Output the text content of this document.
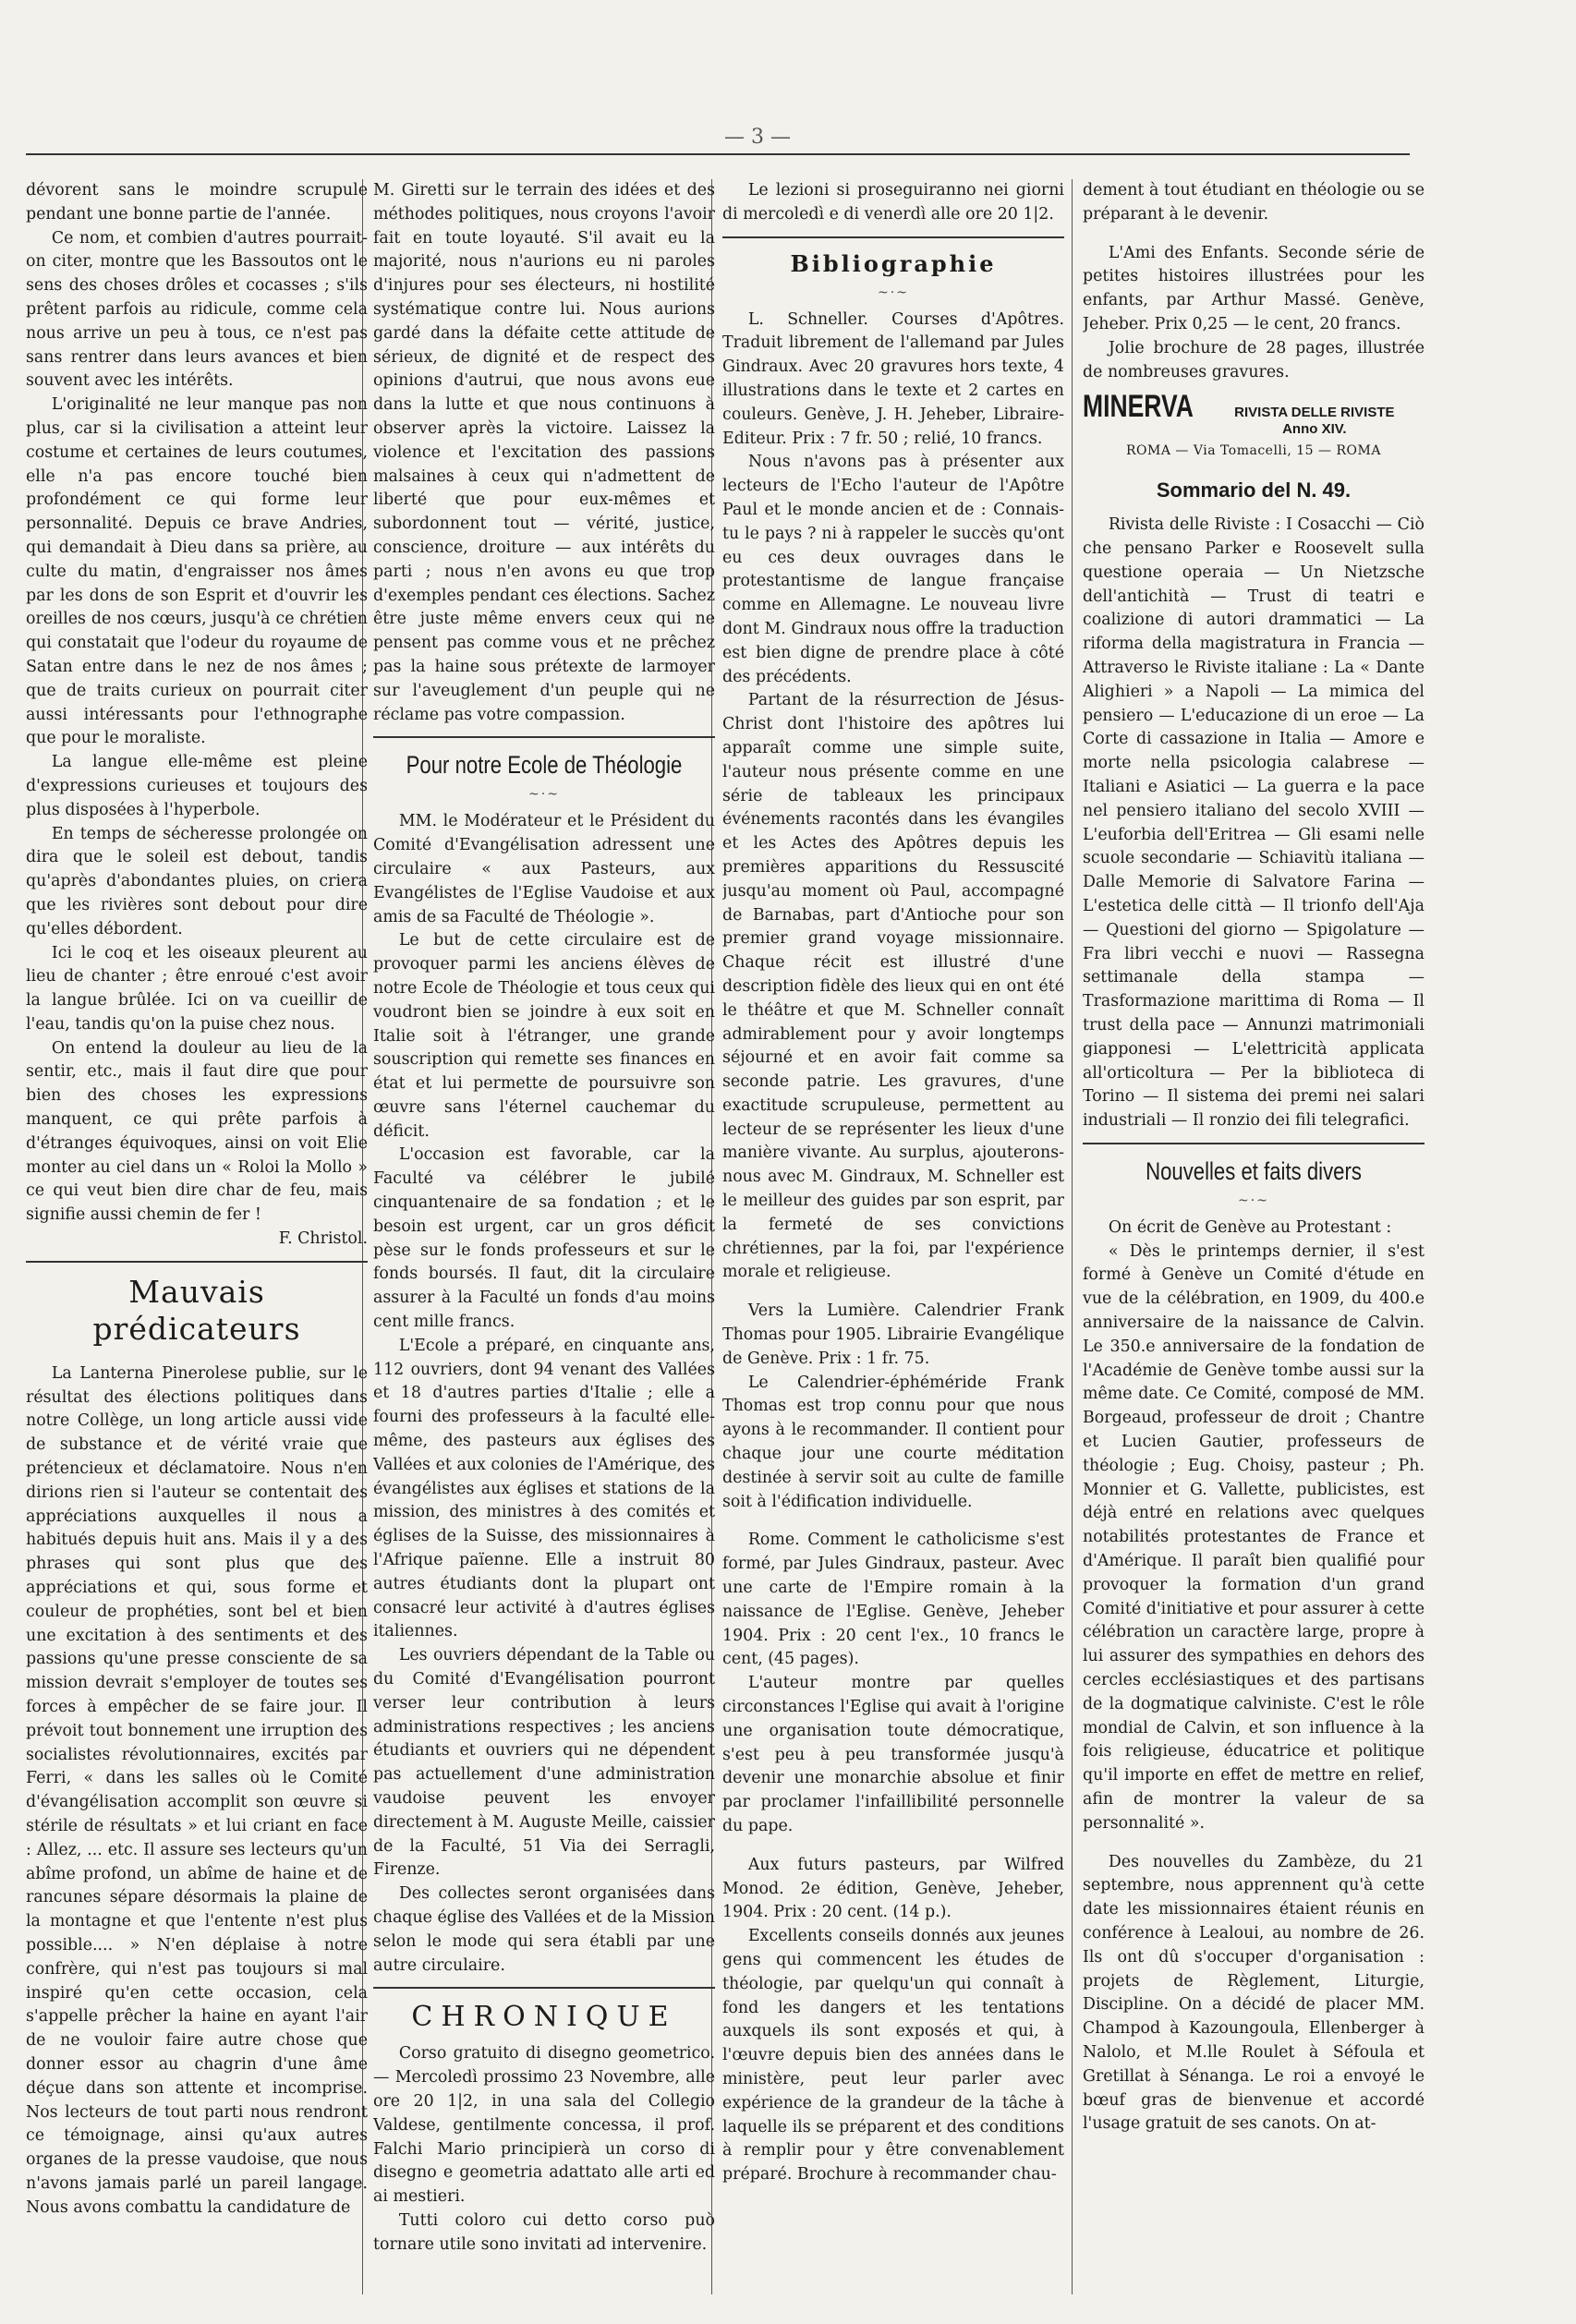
— 3 —

dévorent sans le moindre scrupule pendant une bonne partie de l'année.

Ce nom, et combien d'autres pourrait-on citer, montre que les Bassoutos ont le sens des choses drôles et cocasses ; s'ils prêtent parfois au ridicule, comme cela nous arrive un peu à tous, ce n'est pas sans rentrer dans leurs avances et bien souvent avec les intérêts.

L'originalité ne leur manque pas non plus, car si la civilisation a atteint leur costume et certaines de leurs coutumes, elle n'a pas encore touché bien profondément ce qui forme leur personnalité. Depuis ce brave Andries, qui demandait à Dieu dans sa prière, au culte du matin, d'engraisser nos âmes par les dons de son Esprit et d'ouvrir les oreilles de nos cœurs, jusqu'à ce chrétien qui constatait que l'odeur du royaume de Satan entre dans le nez de nos âmes ; que de traits curieux on pourrait citer aussi intéressants pour l'ethnographe que pour le moraliste.

La langue elle-même est pleine d'expressions curieuses et toujours des plus disposées à l'hyperbole.

En temps de sécheresse prolongée on dira que le soleil est debout, tandis qu'après d'abondantes pluies, on criera que les rivières sont debout pour dire qu'elles débordent.

Ici le coq et les oiseaux pleurent au lieu de chanter ; être enroué c'est avoir la langue brûlée. Ici on va cueillir de l'eau, tandis qu'on la puise chez nous.

On entend la douleur au lieu de la sentir, etc., mais il faut dire que pour bien des choses les expressions manquent, ce qui prête parfois à d'étranges équivoques, ainsi on voit Elie monter au ciel dans un « Roloi la Mollo » ce qui veut bien dire char de feu, mais signifie aussi chemin de fer !

F. Christol.

Mauvais prédicateurs

La Lanterna Pinerolese publie, sur le résultat des élections politiques dans notre Collège, un long article aussi vide de substance et de vérité vraie que prétencieux et déclamatoire. Nous n'en dirions rien si l'auteur se contentait des appréciations auxquelles il nous a habitués depuis huit ans. Mais il y a des phrases qui sont plus que des appréciations et qui, sous forme et couleur de prophéties, sont bel et bien une excitation à des sentiments et des passions qu'une presse consciente de sa mission devrait s'employer de toutes ses forces à empêcher de se faire jour. Il prévoit tout bonnement une irruption des socialistes révolutionnaires, excités par Ferri, « dans les salles où le Comité d'évangélisation accomplit son œuvre si stérile de résultats » et lui criant en face : Allez, ... etc. Il assure ses lecteurs qu'un abîme profond, un abîme de haine et de rancunes sépare désormais la plaine de la montagne et que l'entente n'est plus possible.... » N'en déplaise à notre confrère, qui n'est pas toujours si mal inspiré qu'en cette occasion, cela s'appelle prêcher la haine en ayant l'air de ne vouloir faire autre chose que donner essor au chagrin d'une âme déçue dans son attente et incomprise. Nos lecteurs de tout parti nous rendront ce témoignage, ainsi qu'aux autres organes de la presse vaudoise, que nous n'avons jamais parlé un pareil langage. Nous avons combattu la candidature de

M. Giretti sur le terrain des idées et des méthodes politiques, nous croyons l'avoir fait en toute loyauté. S'il avait eu la majorité, nous n'aurions eu ni paroles d'injures pour ses électeurs, ni hostilité systématique contre lui. Nous aurions gardé dans la défaite cette attitude de sérieux, de dignité et de respect des opinions d'autrui, que nous avons eue dans la lutte et que nous continuons à observer après la victoire. Laissez la violence et l'excitation des passions malsaines à ceux qui n'admettent de liberté que pour eux-mêmes et subordonnent tout — vérité, justice, conscience, droiture — aux intérêts du parti ; nous n'en avons eu que trop d'exemples pendant ces élections. Sachez être juste même envers ceux qui ne pensent pas comme vous et ne prêchez pas la haine sous prétexte de larmoyer sur l'aveuglement d'un peuple qui ne réclame pas votre compassion.

Pour notre Ecole de Théologie
~·~

MM. le Modérateur et le Président du Comité d'Evangélisation adressent une circulaire « aux Pasteurs, aux Evangélistes de l'Eglise Vaudoise et aux amis de sa Faculté de Théologie ».

Le but de cette circulaire est de provoquer parmi les anciens élèves de notre Ecole de Théologie et tous ceux qui voudront bien se joindre à eux soit en Italie soit à l'étranger, une grande souscription qui remette ses finances en état et lui permette de poursuivre son œuvre sans l'éternel cauchemar du déficit.

L'occasion est favorable, car la Faculté va célébrer le jubilé cinquantenaire de sa fondation ; et le besoin est urgent, car un gros déficit pèse sur le fonds professeurs et sur le fonds boursés. Il faut, dit la circulaire assurer à la Faculté un fonds d'au moins cent mille francs.

L'Ecole a préparé, en cinquante ans, 112 ouvriers, dont 94 venant des Vallées et 18 d'autres parties d'Italie ; elle a fourni des professeurs à la faculté elle-même, des pasteurs aux églises des Vallées et aux colonies de l'Amérique, des évangélistes aux églises et stations de la mission, des ministres à des comités et églises de la Suisse, des missionnaires à l'Afrique païenne. Elle a instruit 80 autres étudiants dont la plupart ont consacré leur activité à d'autres églises italiennes.

Les ouvriers dépendant de la Table ou du Comité d'Evangélisation pourront verser leur contribution à leurs administrations respectives ; les anciens étudiants et ouvriers qui ne dépendent pas actuellement d'une administration vaudoise peuvent les envoyer directement à M. Auguste Meille, caissier de la Faculté, 51 Via dei Serragli, Firenze.

Des collectes seront organisées dans chaque église des Vallées et de la Mission selon le mode qui sera établi par une autre circulaire.

CHRONIQUE

Corso gratuito di disegno geometrico. — Mercoledì prossimo 23 Novembre, alle ore 20 1|2, in una sala del Collegio Valdese, gentilmente concessa, il prof. Falchi Mario principierà un corso di disegno e geometria adattato alle arti ed ai mestieri.

Tutti coloro cui detto corso può tornare utile sono invitati ad intervenire.

Le lezioni si proseguiranno nei giorni di mercoledì e di venerdì alle ore 20 1|2.

Bibliographie
~·~

L. Schneller. Courses d'Apôtres. Traduit librement de l'allemand par Jules Gindraux. Avec 20 gravures hors texte, 4 illustrations dans le texte et 2 cartes en couleurs. Genève, J. H. Jeheber, Libraire-Editeur. Prix : 7 fr. 50 ; relié, 10 francs.

Nous n'avons pas à présenter aux lecteurs de l'Echo l'auteur de l'Apôtre Paul et le monde ancien et de : Connais-tu le pays ? ni à rappeler le succès qu'ont eu ces deux ouvrages dans le protestantisme de langue française comme en Allemagne. Le nouveau livre dont M. Gindraux nous offre la traduction est bien digne de prendre place à côté des précédents.

Partant de la résurrection de Jésus-Christ dont l'histoire des apôtres lui apparaît comme une simple suite, l'auteur nous présente comme en une série de tableaux les principaux événements racontés dans les évangiles et les Actes des Apôtres depuis les premières apparitions du Ressuscité jusqu'au moment où Paul, accompagné de Barnabas, part d'Antioche pour son premier grand voyage missionnaire. Chaque récit est illustré d'une description fidèle des lieux qui en ont été le théâtre et que M. Schneller connaît admirablement pour y avoir longtemps séjourné et en avoir fait comme sa seconde patrie. Les gravures, d'une exactitude scrupuleuse, permettent au lecteur de se représenter les lieux d'une manière vivante. Au surplus, ajouterons-nous avec M. Gindraux, M. Schneller est le meilleur des guides par son esprit, par la fermeté de ses convictions chrétiennes, par la foi, par l'expérience morale et religieuse.

Vers la Lumière. Calendrier Frank Thomas pour 1905. Librairie Evangélique de Genève. Prix : 1 fr. 75.

Le Calendrier-éphéméride Frank Thomas est trop connu pour que nous ayons à le recommander. Il contient pour chaque jour une courte méditation destinée à servir soit au culte de famille soit à l'édification individuelle.

Rome. Comment le catholicisme s'est formé, par Jules Gindraux, pasteur. Avec une carte de l'Empire romain à la naissance de l'Eglise. Genève, Jeheber 1904. Prix : 20 cent l'ex., 10 francs le cent, (45 pages).

L'auteur montre par quelles circonstances l'Eglise qui avait à l'origine une organisation toute démocratique, s'est peu à peu transformée jusqu'à devenir une monarchie absolue et finir par proclamer l'infaillibilité personnelle du pape.

Aux futurs pasteurs, par Wilfred Monod. 2e édition, Genève, Jeheber, 1904. Prix : 20 cent. (14 p.).

Excellents conseils donnés aux jeunes gens qui commencent les études de théologie, par quelqu'un qui connaît à fond les dangers et les tentations auxquels ils sont exposés et qui, à l'œuvre depuis bien des années dans le ministère, peut leur parler avec expérience de la grandeur de la tâche à laquelle ils se préparent et des conditions à remplir pour y être convenablement préparé. Brochure à recommander chau-

dement à tout étudiant en théologie ou se préparant à le devenir.

L'Ami des Enfants. Seconde série de petites histoires illustrées pour les enfants, par Arthur Massé. Genève, Jeheber. Prix 0,25 — le cent, 20 francs.

Jolie brochure de 28 pages, illustrée de nombreuses gravures.

MINERVA	RIVISTA DELLE RIVISTE
Anno XIV.
ROMA — Via Tomacelli, 15 — ROMA
Sommario del N. 49.

Rivista delle Riviste : I Cosacchi — Ciò che pensano Parker e Roosevelt sulla questione operaia — Un Nietzsche dell'antichità — Trust di teatri e coalizione di autori drammatici — La riforma della magistratura in Francia — Attraverso le Riviste italiane : La « Dante Alighieri » a Napoli — La mimica del pensiero — L'educazione di un eroe — La Corte di cassazione in Italia — Amore e morte nella psicologia calabrese — Italiani e Asiatici — La guerra e la pace nel pensiero italiano del secolo XVIII — L'euforbia dell'Eritrea — Gli esami nelle scuole secondarie — Schiavitù italiana — Dalle Memorie di Salvatore Farina — L'estetica delle città — Il trionfo dell'Aja — Questioni del giorno — Spigolature — Fra libri vecchi e nuovi — Rassegna settimanale della stampa — Trasformazione marittima di Roma — Il trust della pace — Annunzi matrimoniali giapponesi — L'elettricità applicata all'orticoltura — Per la biblioteca di Torino — Il sistema dei premi nei salari industriali — Il ronzio dei fili telegrafici.

Nouvelles et faits divers
~·~

On écrit de Genève au Protestant :

« Dès le printemps dernier, il s'est formé à Genève un Comité d'étude en vue de la célébration, en 1909, du 400.e anniversaire de la naissance de Calvin. Le 350.e anniversaire de la fondation de l'Académie de Genève tombe aussi sur la même date. Ce Comité, composé de MM. Borgeaud, professeur de droit ; Chantre et Lucien Gautier, professeurs de théologie ; Eug. Choisy, pasteur ; Ph. Monnier et G. Vallette, publicistes, est déjà entré en relations avec quelques notabilités protestantes de France et d'Amérique. Il paraît bien qualifié pour provoquer la formation d'un grand Comité d'initiative et pour assurer à cette célébration un caractère large, propre à lui assurer des sympathies en dehors des cercles ecclésiastiques et des partisans de la dogmatique calviniste. C'est le rôle mondial de Calvin, et son influence à la fois religieuse, éducatrice et politique qu'il importe en effet de mettre en relief, afin de montrer la valeur de sa personnalité ».

Des nouvelles du Zambèze, du 21 septembre, nous apprennent qu'à cette date les missionnaires étaient réunis en conférence à Lealoui, au nombre de 26. Ils ont dû s'occuper d'organisation : projets de Règlement, Liturgie, Discipline. On a décidé de placer MM. Champod à Kazoungoula, Ellenberger à Nalolo, et M.lle Roulet à Séfoula et Gretillat à Sénanga. Le roi a envoyé le bœuf gras de bienvenue et accordé l'usage gratuit de ses canots. On at-
